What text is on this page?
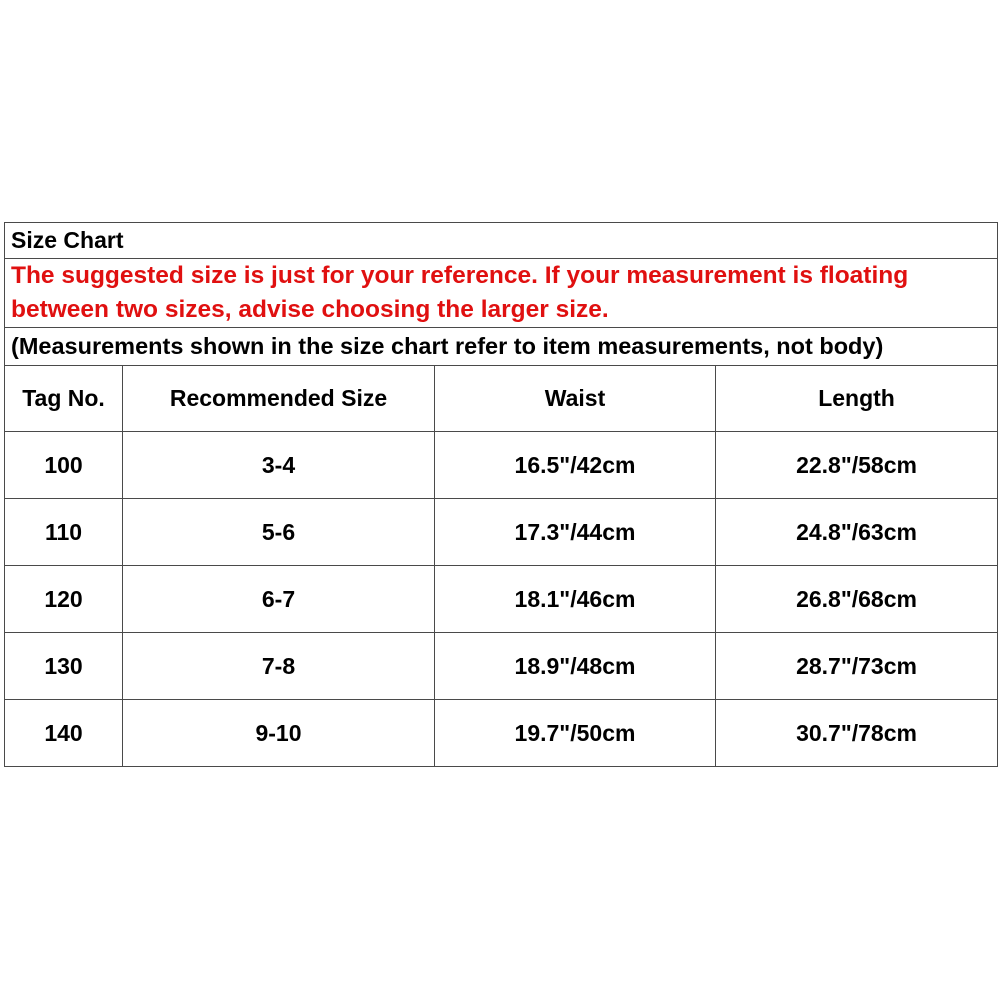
Size Chart			

The suggested size is just for your reference. If your measurement is floating
between two sizes, advise choosing the larger size.			

(Measurements shown in the size chart refer to item measurements, not body)			
Tag No.	Recommended Size	Waist	Length
100	3-4	16.5"/42cm	22.8"/58cm
110	5-6	17.3"/44cm	24.8"/63cm
120	6-7	18.1"/46cm	26.8"/68cm
130	7-8	18.9"/48cm	28.7"/73cm
140	9-10	19.7"/50cm	30.7"/78cm
